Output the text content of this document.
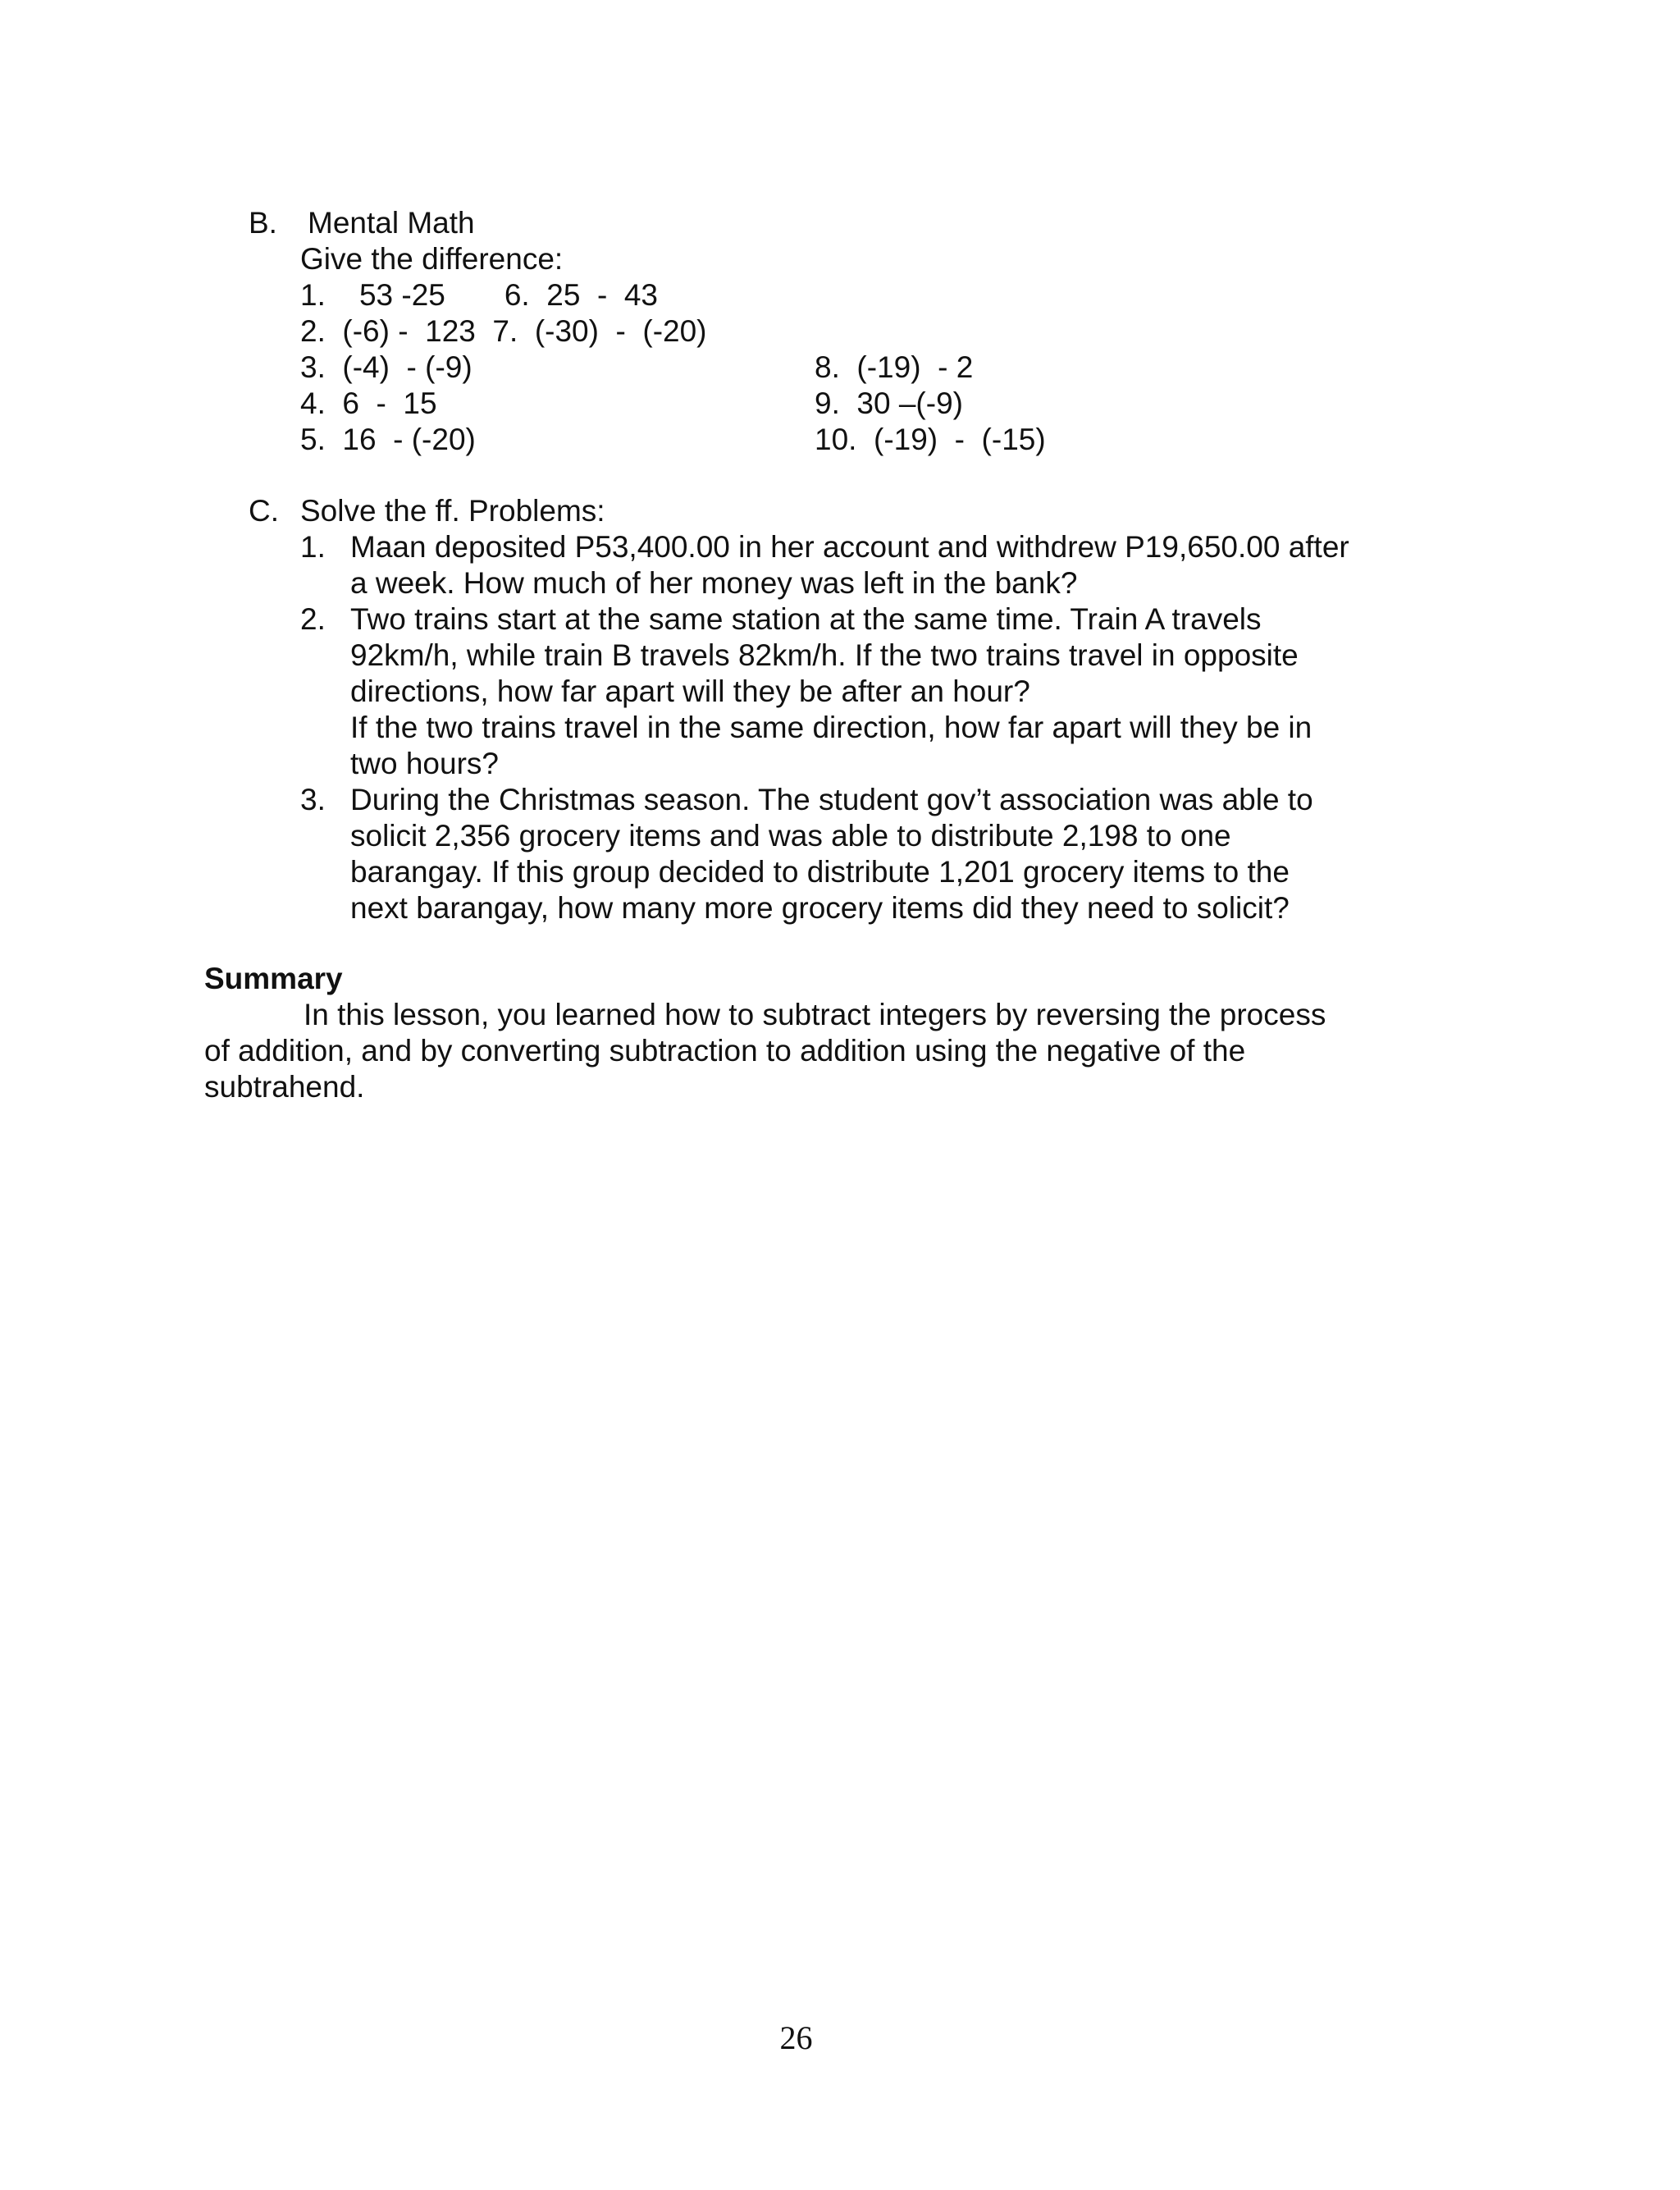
B. Mental Math
Give the difference:
1.    53 -25       6.  25  -  43
2.  (-6) -  123  7.  (-30)  -  (-20)
3.  (-4)  - (-9)	8.  (-19)  - 2
4.  6  -  15	9.  30 –(-9)
5.  16  - (-20)	10.  (-19)  -  (-15)
C. Solve the ff. Problems:
1. Maan deposited P53,400.00 in her account and withdrew P19,650.00 after
a week. How much of her money was left in the bank?
2. Two trains start at the same station at the same time. Train A travels
92km/h, while train B travels 82km/h. If the two trains travel in opposite
directions, how far apart will they be after an hour?
If the two trains travel in the same direction, how far apart will they be in
two hours?
3. During the Christmas season. The student gov’t association was able to
solicit 2,356 grocery items and was able to distribute 2,198 to one
barangay. If this group decided to distribute 1,201 grocery items to the
next barangay, how many more grocery items did they need to solicit?
Summary
In this lesson, you learned how to subtract integers by reversing the process
of addition, and by converting subtraction to addition using the negative of the
subtrahend.
26
